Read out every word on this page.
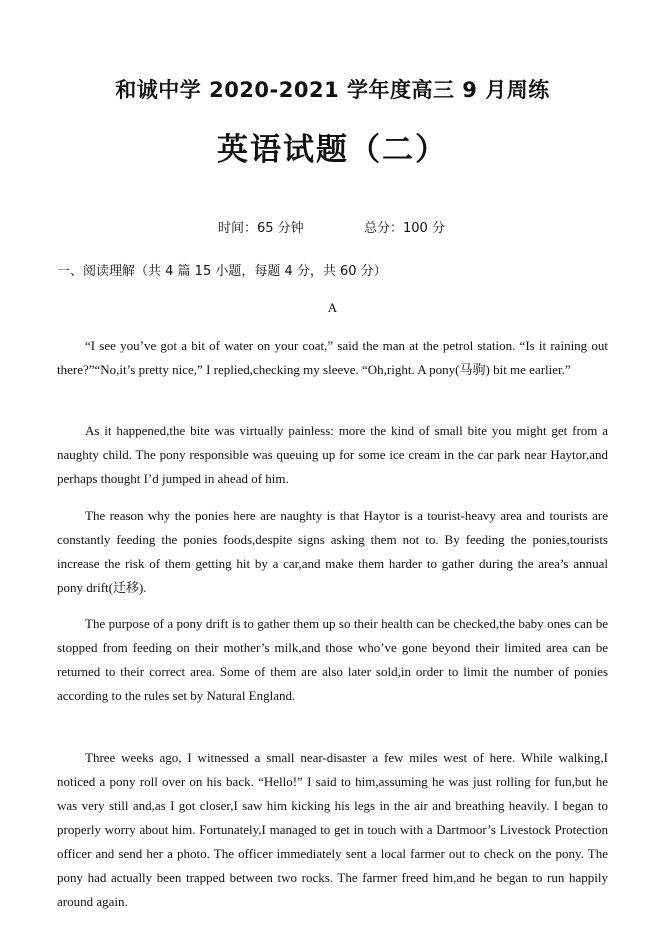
和诚中学 2020-2021 学年度高三 9 月周练
英语试题（二）
时间：65 分钟	总分：100 分
一、阅读理解（共 4 篇 15 小题，每题 4 分，共 60 分）
A

“I see you’ve got a bit of water on your coat,” said the man at the petrol station. “Is it raining out there?”“No,it’s pretty nice,” I replied,checking my sleeve. “Oh,right. A pony(马驹) bit me earlier.”

As it happened,the bite was virtually painless: more the kind of small bite you might get from a naughty child. The pony responsible was queuing up for some ice cream in the car park near Haytor,and perhaps thought I’d jumped in ahead of him.

The reason why the ponies here are naughty is that Haytor is a tourist-heavy area and tourists are constantly feeding the ponies foods,despite signs asking them not to. By feeding the ponies,tourists increase the risk of them getting hit by a car,and make them harder to gather during the area’s annual pony drift(迁移).

The purpose of a pony drift is to gather them up so their health can be checked,the baby ones can be stopped from feeding on their mother’s milk,and those who’ve gone beyond their limited area can be returned to their correct area. Some of them are also later sold,in order to limit the number of ponies according to the rules set by Natural England.

Three weeks ago, I witnessed a small near-disaster a few miles west of here. While walking,I noticed a pony roll over on his back. “Hello!” I said to him,assuming he was just rolling for fun,but he was very still and,as I got closer,I saw him kicking his legs in the air and breathing heavily. I began to properly worry about him. Fortunately,I managed to get in touch with a Dartmoor’s Livestock Protection officer and send her a photo. The officer immediately sent a local farmer out to check on the pony. The pony had actually been trapped between two rocks. The farmer freed him,and he began to run happily around again.
